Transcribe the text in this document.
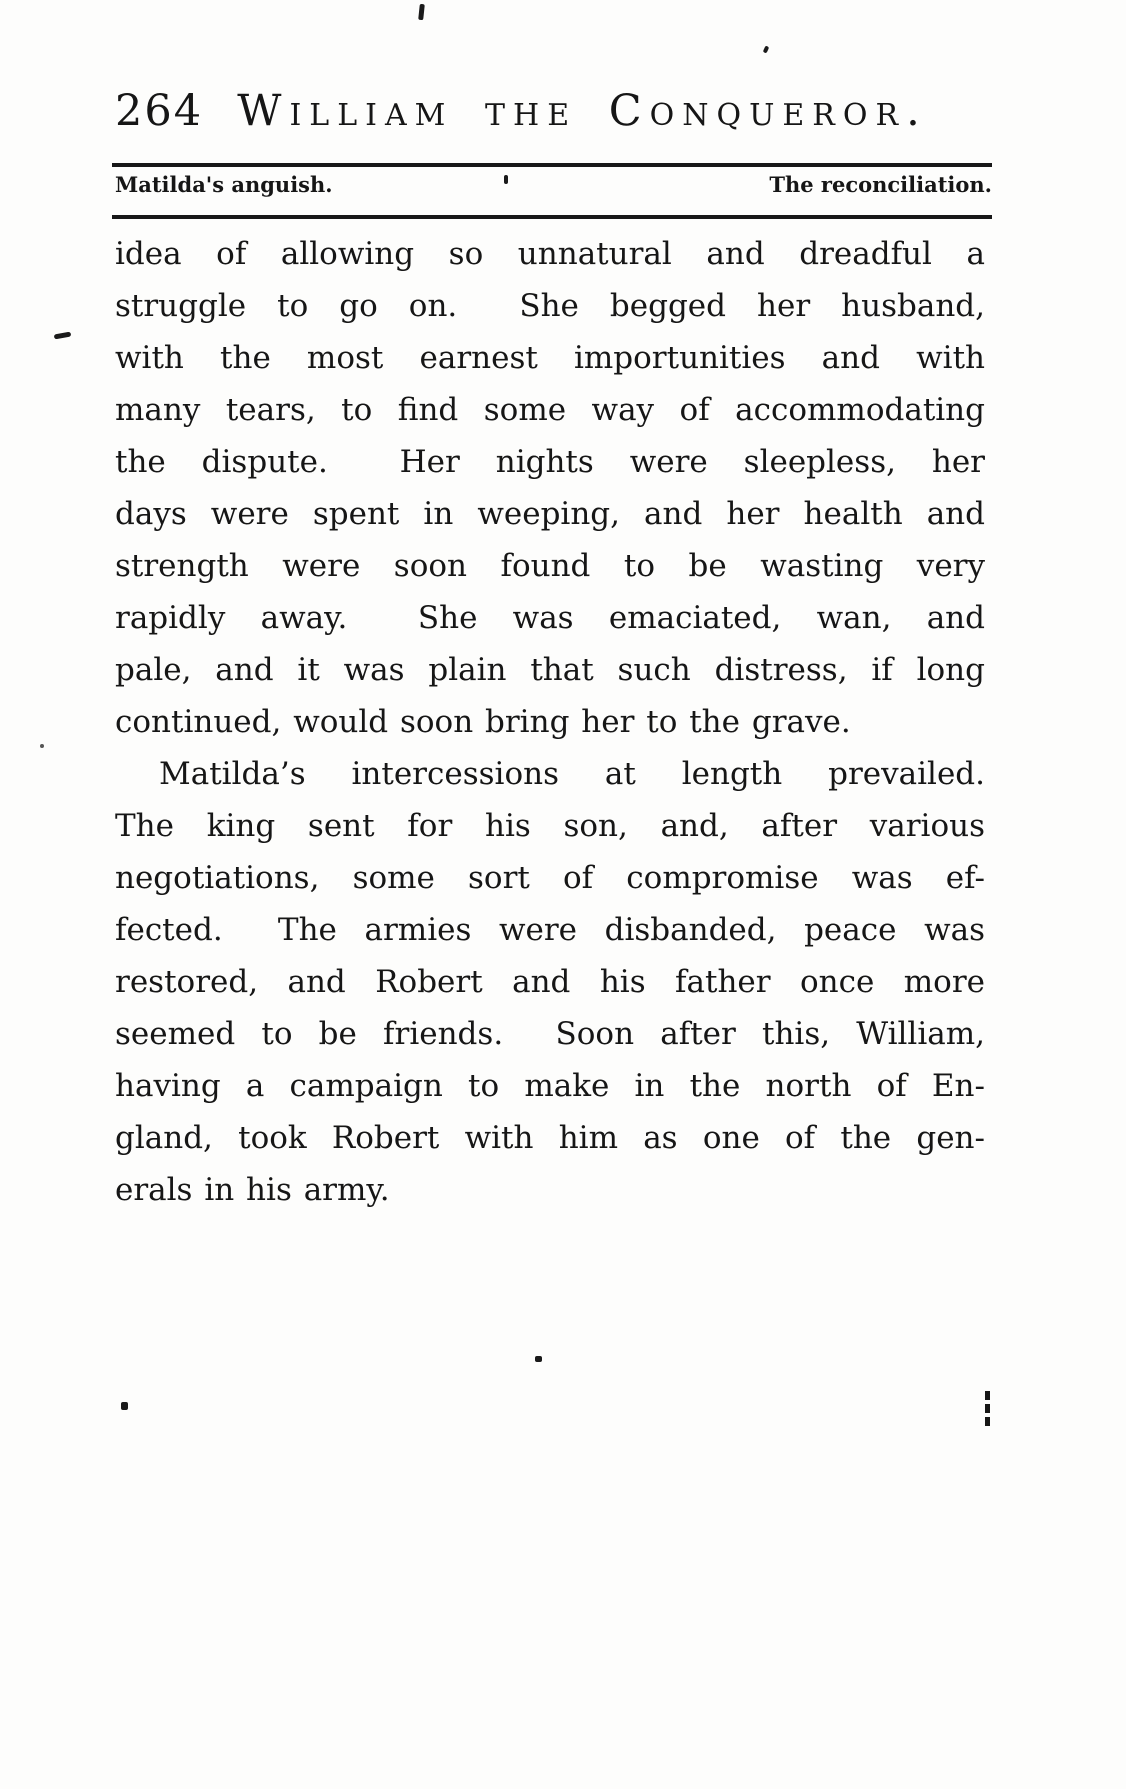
264 William the Conqueror.
Matilda's anguish.	The reconciliation.
idea of allowing so unnatural and dreadful a
struggle to go on.  She begged her husband,
with the most earnest importunities and with
many tears, to find some way of accommodating
the dispute.  Her nights were sleepless, her
days were spent in weeping, and her health and
strength were soon found to be wasting very
rapidly away.  She was emaciated, wan, and
pale, and it was plain that such distress, if long
continued, would soon bring her to the grave.
Matilda’s intercessions at length prevailed.
The king sent for his son, and, after various
negotiations, some sort of compromise was ef-
fected.  The armies were disbanded, peace was
restored, and Robert and his father once more
seemed to be friends.  Soon after this, William,
having a campaign to make in the north of En-
gland, took Robert with him as one of the gen-
erals in his army.
